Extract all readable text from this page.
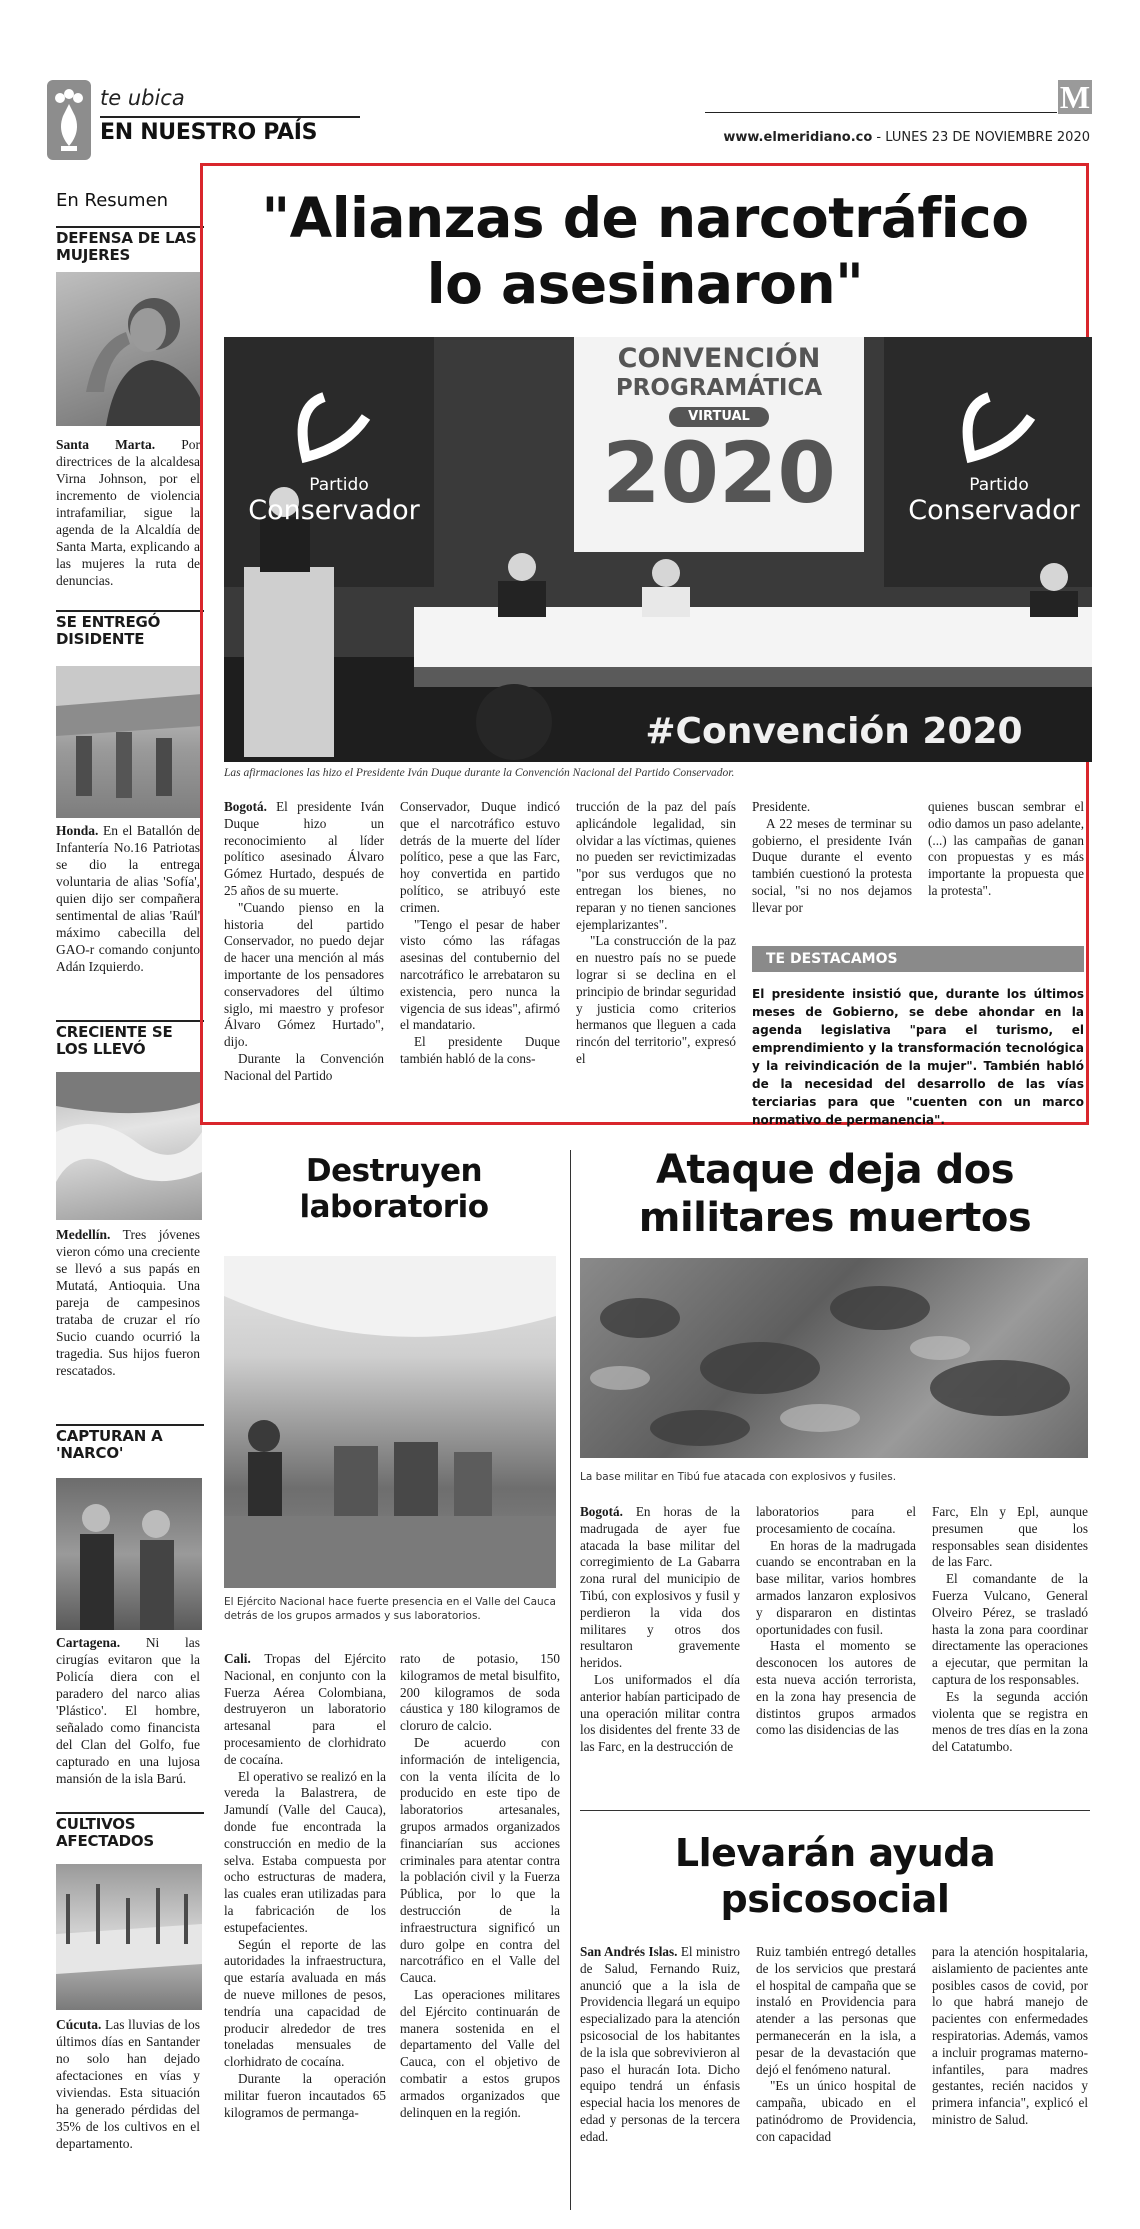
te ubica
EN NUESTRO PAÍS
M
www.elmeridiano.co - LUNES 23 DE NOVIEMBRE 2020
En Resumen
DEFENSA DE LAS MUJERES
Santa Marta. Por directrices de la alcaldesa Virna Johnson, por el incremento de violencia intrafamiliar, sigue la agenda de la Alcaldía de Santa Marta, explicando a las mujeres la ruta de denuncias.
SE ENTREGÓ DISIDENTE
Honda. En el Batallón de Infantería No.16 Patriotas se dio la entrega voluntaria de alias 'Sofía', quien dijo ser compañera sentimental de alias 'Raúl' máximo cabecilla del GAO-r comando conjunto Adán Izquierdo.
CRECIENTE SE LOS LLEVÓ
Medellín. Tres jóvenes vieron cómo una creciente se llevó a sus papás en Mutatá, Antioquia. Una pareja de campesinos trataba de cruzar el río Sucio cuando ocurrió la tragedia. Sus hijos fueron rescatados.
CAPTURAN A 'NARCO'
Cartagena. Ni las cirugías evitaron que la Policía diera con el paradero del narco alias 'Plástico'. El hombre, señalado como financista del Clan del Golfo, fue capturado en una lujosa mansión de la isla Barú.
CULTIVOS AFECTADOS
Cúcuta. Las lluvias de los últimos días en Santander no solo han dejado afectaciones en vías y viviendas. Esta situación ha generado pérdidas del 35% de los cultivos en el departamento.
"Alianzas de narcotráfico
lo asesinaron"
CONVENCIÓN
PROGRAMÁTICA
VIRTUAL
2020
Partido
Conservador
Partido
Conservador
#Convención 2020
Las afirmaciones las hizo el Presidente Iván Duque durante la Convención Nacional del Partido Conservador.

Bogotá. El presidente Iván Duque hizo un reconocimiento al líder político asesinado Álvaro Gómez Hurtado, después de 25 años de su muerte.

"Cuando pienso en la historia del partido Conservador, no puedo dejar de hacer una mención al más importante de los pensadores conservadores del último siglo, mi maestro y profesor Álvaro Gómez Hurtado", dijo.

Durante la Convención Nacional del Partido

Conservador, Duque indicó que el narcotráfico estuvo detrás de la muerte del líder político, pese a que las Farc, hoy convertida en partido político, se atribuyó este crimen.

"Tengo el pesar de haber visto cómo las ráfagas asesinas del contubernio del narcotráfico le arrebataron su existencia, pero nunca la vigencia de sus ideas", afirmó el mandatario.

El presidente Duque también habló de la cons-

trucción de la paz del país aplicándole legalidad, sin olvidar a las víctimas, quienes no pueden ser revictimizadas "por sus verdugos que no entregan los bienes, no reparan y no tienen sanciones ejemplarizantes".

"La construcción de la paz en nuestro país no se puede lograr si se declina en el principio de brindar seguridad y justicia como criterios hermanos que lleguen a cada rincón del territorio", expresó el

Presidente.

A 22 meses de terminar su gobierno, el presidente Iván Duque durante el evento también cuestionó la protesta social, "si no nos dejamos llevar por

quienes buscan sembrar el odio damos un paso adelante, (...) las campañas de ganan con propuestas y es más importante la propuesta que la protesta".

TE DESTACAMOS
El presidente insistió que, durante los últimos meses de Gobierno, se debe ahondar en la agenda legislativa "para el turismo, el emprendimiento y la transformación tecnológica y la reivindicación de la mujer". También habló de la necesidad del desarrollo de las vías terciarias para que "cuenten con un marco normativo de permanencia".
Destruyen
laboratorio
El Ejército Nacional hace fuerte presencia en el Valle del Cauca detrás de los grupos armados y sus laboratorios.

Cali. Tropas del Ejército Nacional, en conjunto con la Fuerza Aérea Colombiana, destruyeron un laboratorio artesanal para el procesamiento de clorhidrato de cocaína.

El operativo se realizó en la vereda la Balastrera, de Jamundí (Valle del Cauca), donde fue encontrada la construcción en medio de la selva. Estaba compuesta por ocho estructuras de madera, las cuales eran utilizadas para la fabricación de los estupefacientes.

Según el reporte de las autoridades la infraestructura, que estaría avaluada en más de nueve millones de pesos, tendría una capacidad de producir alrededor de tres toneladas mensuales de clorhidrato de cocaína.

Durante la operación militar fueron incautados 65 kilogramos de permanga-

rato de potasio, 150 kilogramos de metal bisulfito, 200 kilogramos de soda cáustica y 180 kilogramos de cloruro de calcio.

De acuerdo con información de inteligencia, con la venta ilícita de lo producido en este tipo de laboratorios artesanales, grupos armados organizados financiarían sus acciones criminales para atentar contra la población civil y la Fuerza Pública, por lo que la destrucción de la infraestructura significó un duro golpe en contra del narcotráfico en el Valle del Cauca.

Las operaciones militares del Ejército continuarán de manera sostenida en el departamento del Valle del Cauca, con el objetivo de combatir a estos grupos armados organizados que delinquen en la región.

Ataque deja dos
militares muertos
La base militar en Tibú fue atacada con explosivos y fusiles.

Bogotá. En horas de la madrugada de ayer fue atacada la base militar del corregimiento de La Gabarra zona rural del municipio de Tibú, con explosivos y fusil y perdieron la vida dos militares y otros dos resultaron gravemente heridos.

Los uniformados el día anterior habían participado de una operación militar contra los disidentes del frente 33 de las Farc, en la destrucción de

laboratorios para el procesamiento de cocaína.

En horas de la madrugada cuando se encontraban en la base militar, varios hombres armados lanzaron explosivos y dispararon en distintas oportunidades con fusil.

Hasta el momento se desconocen los autores de esta nueva acción terrorista, en la zona hay presencia de distintos grupos armados como las disidencias de las

Farc, Eln y Epl, aunque presumen que los responsables sean disidentes de las Farc.

El comandante de la Fuerza Vulcano, General Olveiro Pérez, se trasladó hasta la zona para coordinar directamente las operaciones a ejecutar, que permitan la captura de los responsables.

Es la segunda acción violenta que se registra en menos de tres días en la zona del Catatumbo.

Llevarán ayuda
psicosocial

San Andrés Islas. El ministro de Salud, Fernando Ruiz, anunció que a la isla de Providencia llegará un equipo especializado para la atención psicosocial de los habitantes de la isla que sobrevivieron al paso el huracán Iota. Dicho equipo tendrá un énfasis especial hacia los menores de edad y personas de la tercera edad.

Ruiz también entregó detalles de los servicios que prestará el hospital de campaña que se instaló en Providencia para atender a las personas que permanecerán en la isla, a pesar de la devastación que dejó el fenómeno natural.

"Es un único hospital de campaña, ubicado en el patinódromo de Providencia, con capacidad

para la atención hospitalaria, aislamiento de pacientes ante posibles casos de covid, por lo que habrá manejo de pacientes con enfermedades respiratorias. Además, vamos a incluir programas materno-infantiles, para madres gestantes, recién nacidos y primera infancia", explicó el ministro de Salud.
